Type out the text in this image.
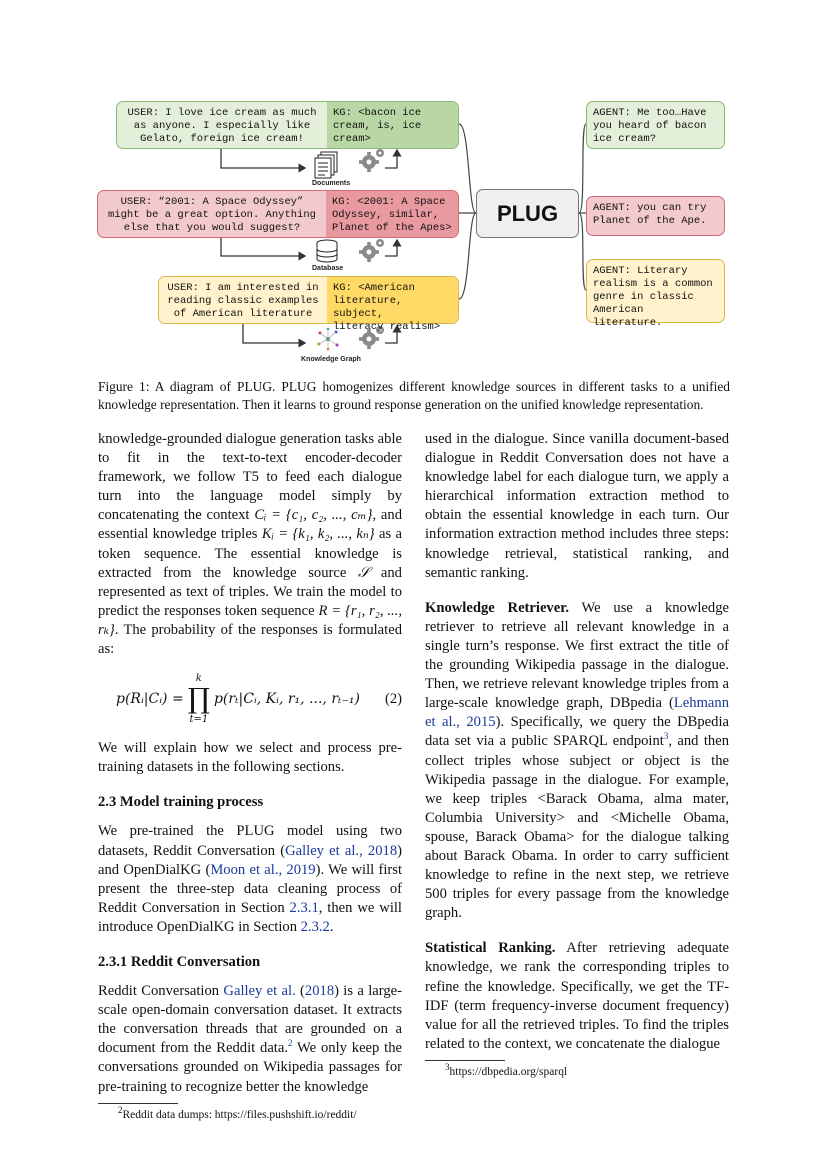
USER: I love ice cream as much
as anyone. I especially like
Gelato, foreign ice cream!
KG: <bacon ice
cream, is, ice
cream>
Documents
USER: “2001: A Space Odyssey”
might be a great option. Anything
else that you would suggest?
KG: <2001: A Space
Odyssey, similar,
Planet of the Apes>
Database
USER: I am interested in
reading classic examples
of American literature
KG: <American
literature, subject,
literacy realism>
Knowledge Graph
PLUG
AGENT: Me too…Have
you heard of bacon
ice cream?
AGENT: you can try
Planet of the Ape.
AGENT: Literary
realism is a common
genre in classic
American literature.
Figure 1: A diagram of PLUG. PLUG homogenizes different knowledge sources in different tasks to a unified knowledge representation. Then it learns to ground response generation on the unified knowledge representation.

knowledge-grounded dialogue generation tasks able to fit in the text-to-text encoder-decoder framework, we follow T5 to feed each dialogue turn into the language model simply by concatenating the context Cᵢ = {c₁, c₂, ..., cₘ}, and essential knowledge triples Kᵢ = {k₁, k₂, ..., kₙ} as a token sequence. The essential knowledge is extracted from the knowledge source 𝒮 and represented as text of triples. We train the model to predict the responses token sequence R = {r₁, r₂, ..., rₖ}. The probability of the responses is formulated as:

p(Rᵢ|Cᵢ) =
k
∏
t=1
p(rₜ|Cᵢ, Kᵢ, r₁, ..., rₜ₋₁) (2)

We will explain how we select and process pre-training datasets in the following sections.

2.3 Model training process

We pre-trained the PLUG model using two datasets, Reddit Conversation (Galley et al., 2018) and OpenDialKG (Moon et al., 2019). We will first present the three-step data cleaning process of Reddit Conversation in Section 2.3.1, then we will introduce OpenDialKG in Section 2.3.2.

2.3.1 Reddit Conversation

Reddit Conversation Galley et al. (2018) is a large-scale open-domain conversation dataset. It extracts the conversation threads that are grounded on a document from the Reddit data.$^2$ We only keep the conversations grounded on Wikipedia passages for pre-training to recognize better the knowledge

$^2$Reddit data dumps: https://files.pushshift.io/reddit/

used in the dialogue. Since vanilla document-based dialogue in Reddit Conversation does not have a knowledge label for each dialogue turn, we apply a hierarchical information extraction method to obtain the essential knowledge in each turn. Our information extraction method includes three steps: knowledge retrieval, statistical ranking, and semantic ranking.

Knowledge Retriever. We use a knowledge retriever to retrieve all relevant knowledge in a single turn’s response. We first extract the title of the grounding Wikipedia passage in the dialogue. Then, we retrieve relevant knowledge triples from a large-scale knowledge graph, DBpedia (Lehmann et al., 2015). Specifically, we query the DBpedia data set via a public SPARQL endpoint$^3$, and then collect triples whose subject or object is the Wikipedia passage in the dialogue. For example, we keep triples <Barack Obama, alma mater, Columbia University> and <Michelle Obama, spouse, Barack Obama> for the dialogue talking about Barack Obama. In order to carry sufficient knowledge to refine in the next step, we retrieve 500 triples for every passage from the knowledge graph.

Statistical Ranking. After retrieving adequate knowledge, we rank the corresponding triples to refine the knowledge. Specifically, we get the TF-IDF (term frequency-inverse document frequency) value for all the retrieved triples. To find the triples related to the context, we concatenate the dialogue

$^3$https://dbpedia.org/sparql
